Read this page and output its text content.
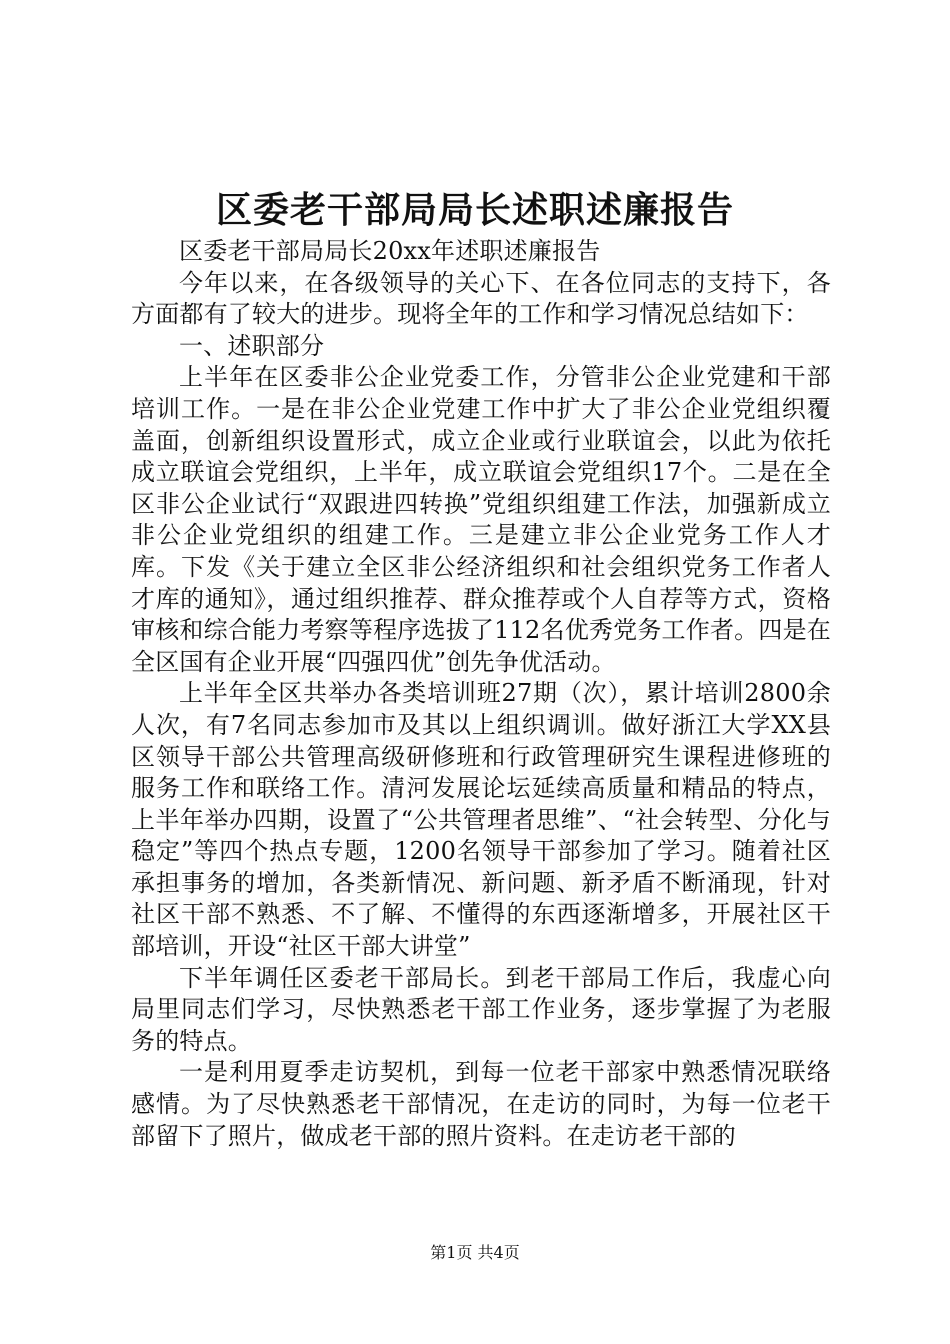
区委老干部局局长述职述廉报告

区委老干部局局长20xx年述职述廉报告

今年以来，在各级领导的关心下、在各位同志的支持下，各方面都有了较大的进步。现将全年的工作和学习情况总结如下：

一、述职部分

上半年在区委非公企业党委工作，分管非公企业党建和干部培训工作。一是在非公企业党建工作中扩大了非公企业党组织覆盖面，创新组织设置形式，成立企业或行业联谊会，以此为依托成立联谊会党组织，上半年，成立联谊会党组织17个。二是在全区非公企业试行“双跟进四转换”党组织组建工作法，加强新成立非公企业党组织的组建工作。三是建立非公企业党务工作人才库。下发《关于建立全区非公经济组织和社会组织党务工作者人才库的通知》，通过组织推荐、群众推荐或个人自荐等方式，资格审核和综合能力考察等程序选拔了112名优秀党务工作者。四是在全区国有企业开展“四强四优”创先争优活动。

上半年全区共举办各类培训班27期（次），累计培训2800余人次，有7名同志参加市及其以上组织调训。做好浙江大学XX县区领导干部公共管理高级研修班和行政管理研究生课程进修班的服务工作和联络工作。清河发展论坛延续高质量和精品的特点，上半年举办四期，设置了“公共管理者思维”、“社会转型、分化与稳定”等四个热点专题，1200名领导干部参加了学习。随着社区承担事务的增加，各类新情况、新问题、新矛盾不断涌现，针对社区干部不熟悉、不了解、不懂得的东西逐渐增多，开展社区干部培训，开设“社区干部大讲堂”

下半年调任区委老干部局长。到老干部局工作后，我虚心向局里同志们学习，尽快熟悉老干部工作业务，逐步掌握了为老服务的特点。

一是利用夏季走访契机，到每一位老干部家中熟悉情况联络感情。为了尽快熟悉老干部情况，在走访的同时，为每一位老干部留下了照片，做成老干部的照片资料。在走访老干部的

第1页 共4页
